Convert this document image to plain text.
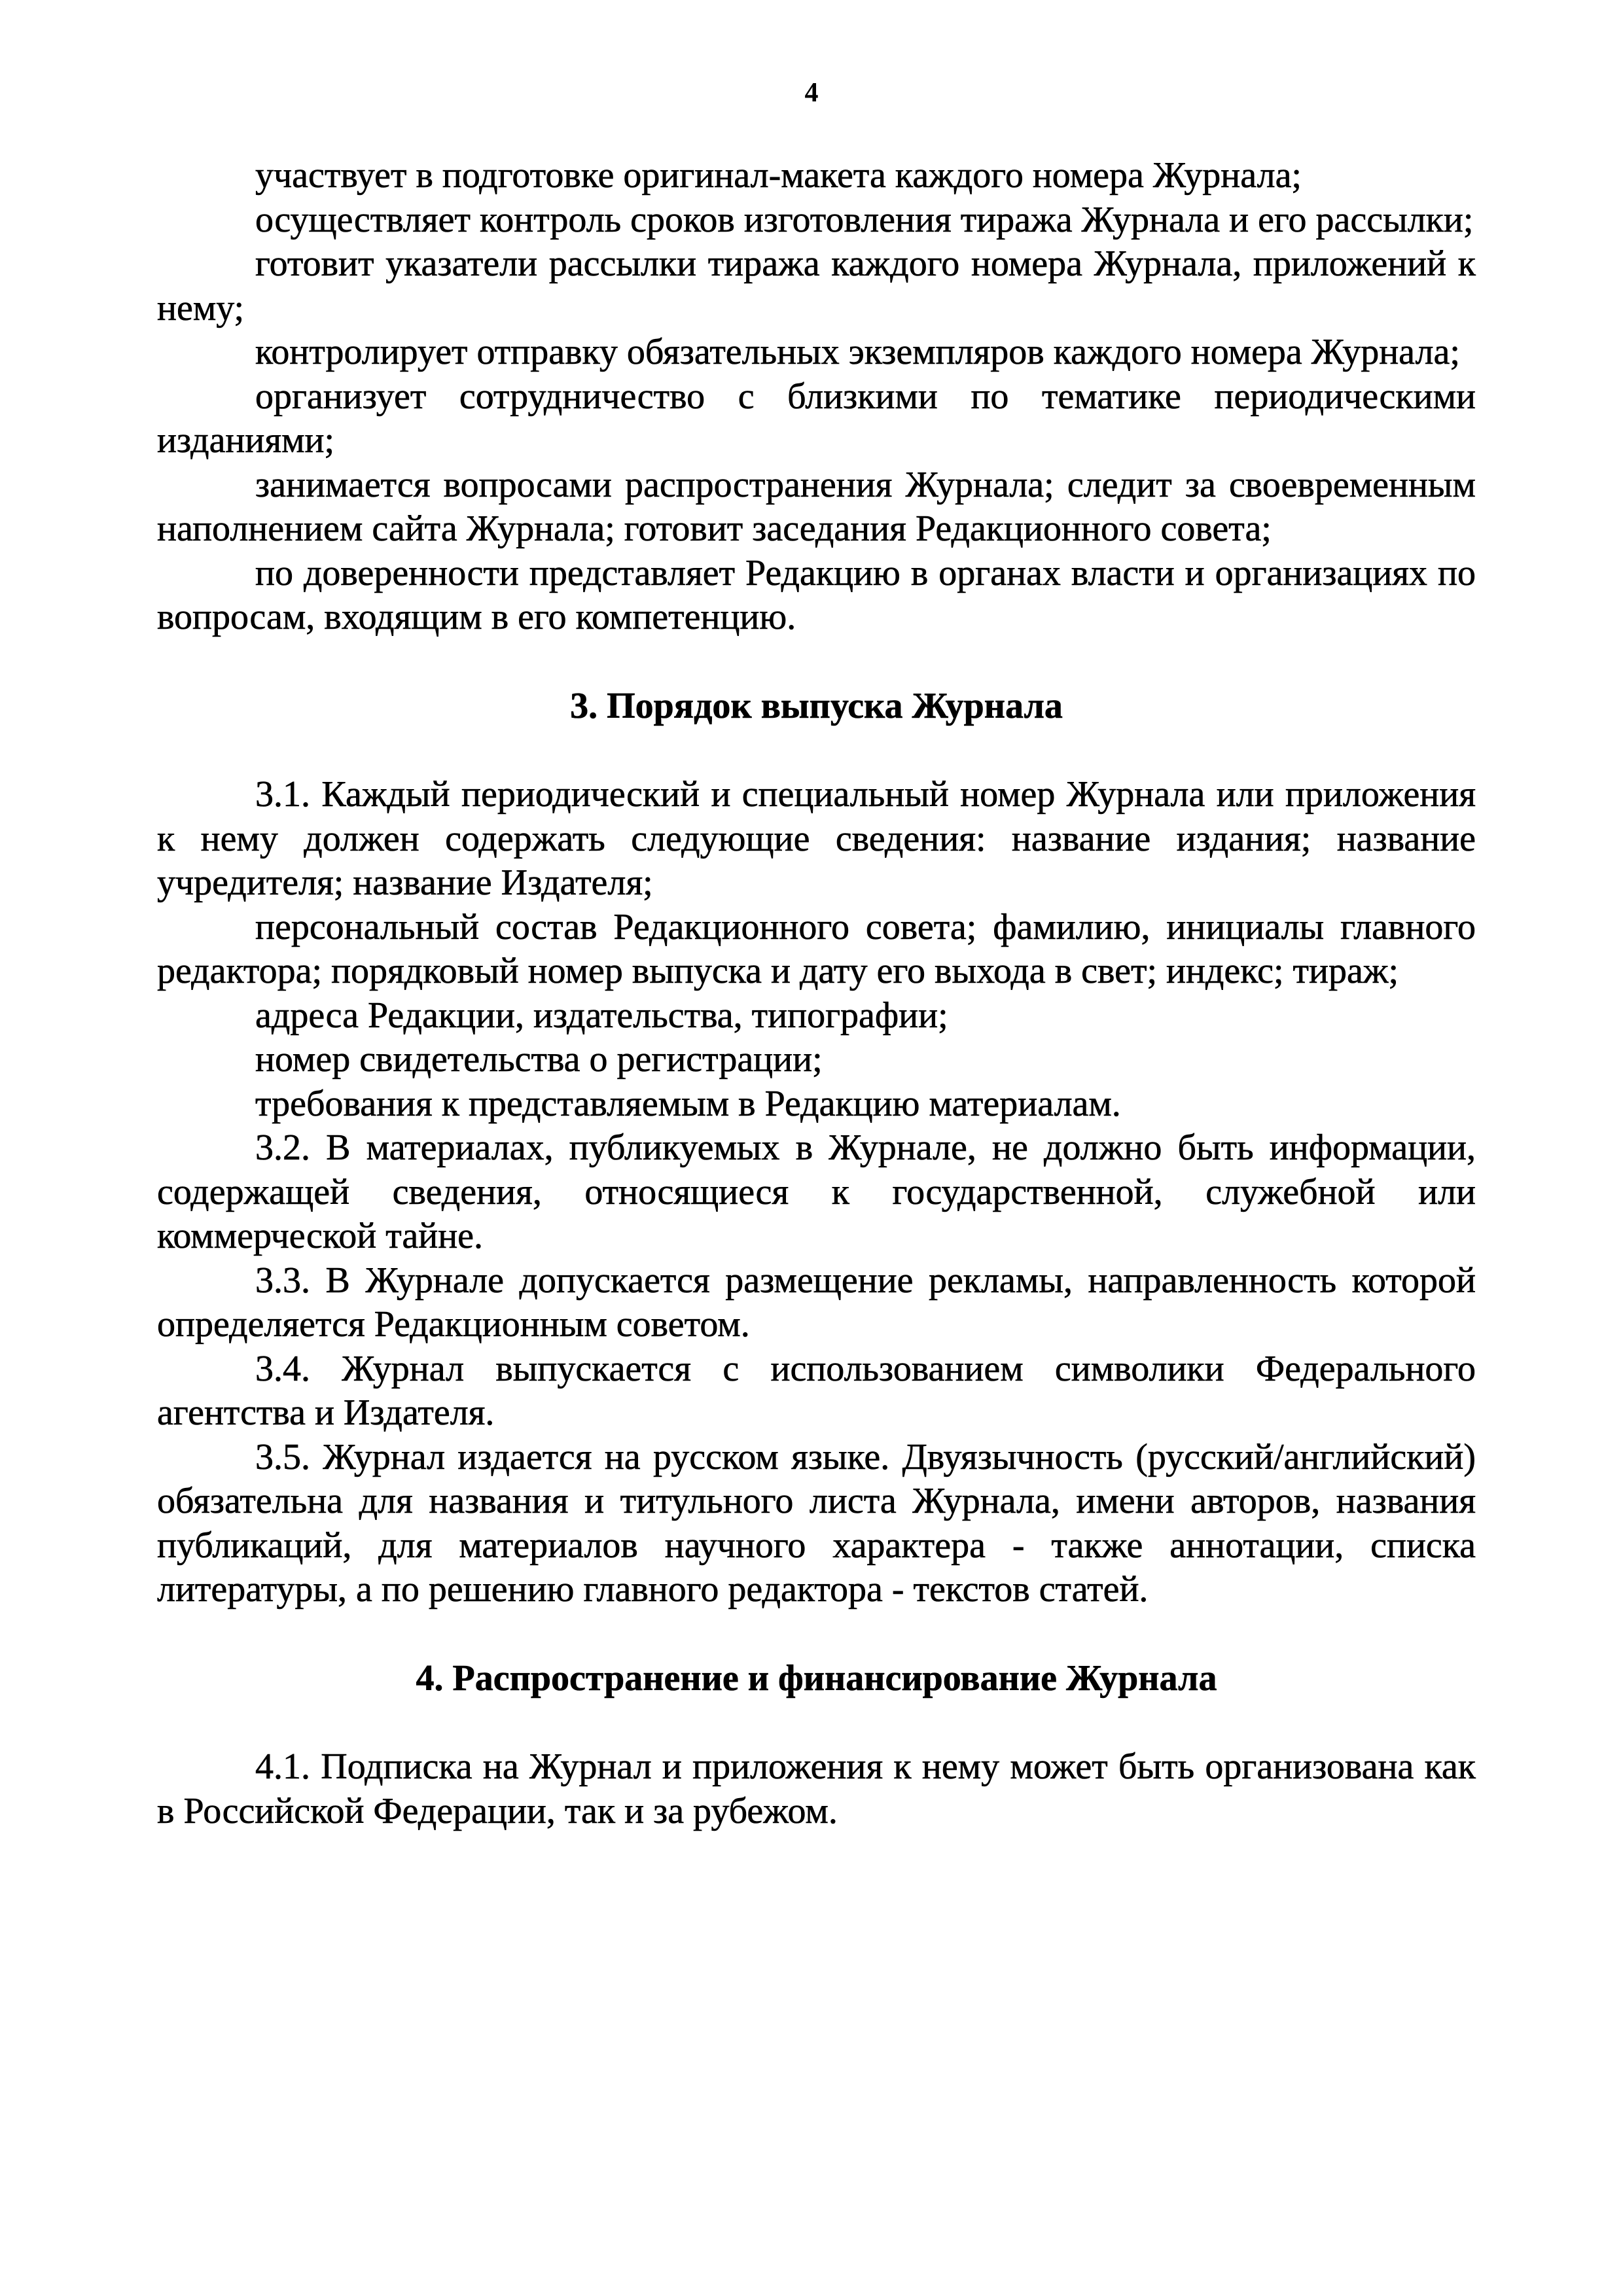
4

участвует в подготовке оригинал-макета каждого номера Журнала;

осуществляет контроль сроков изготовления тиража Журнала и его рассылки;

готовит указатели рассылки тиража каждого номера Журнала, приложений к нему;

контролирует отправку обязательных экземпляров каждого номера Журнала;

организует сотрудничество с близкими по тематике периодическими изданиями;

занимается вопросами распространения Журнала; следит за своевременным наполнением сайта Журнала; готовит заседания Редакционного совета;

по доверенности представляет Редакцию в органах власти и организациях по вопросам, входящим в его компетенцию.

3. Порядок выпуска Журнала

3.1. Каждый периодический и специальный номер Журнала или приложения к нему должен содержать следующие сведения: название издания; название учредителя; название Издателя;

персональный состав Редакционного совета; фамилию, инициалы главного редактора; порядковый номер выпуска и дату его выхода в свет; индекс; тираж;

адреса Редакции, издательства, типографии;

номер свидетельства о регистрации;

требования к представляемым в Редакцию материалам.

3.2. В материалах, публикуемых в Журнале, не должно быть информации, содержащей сведения, относящиеся к государственной, служебной или коммерческой тайне.

3.3. В Журнале допускается размещение рекламы, направленность которой определяется Редакционным советом.

3.4. Журнал выпускается с использованием символики Федерального агентства и Издателя.

3.5. Журнал издается на русском языке. Двуязычность (русский/английский) обязательна для названия и титульного листа Журнала, имени авторов, названия публикаций, для материалов научного характера - также аннотации, списка литературы, а по решению главного редактора - текстов статей.

4. Распространение и финансирование Журнала

4.1. Подписка на Журнал и приложения к нему может быть организована как в Российской Федерации, так и за рубежом.
